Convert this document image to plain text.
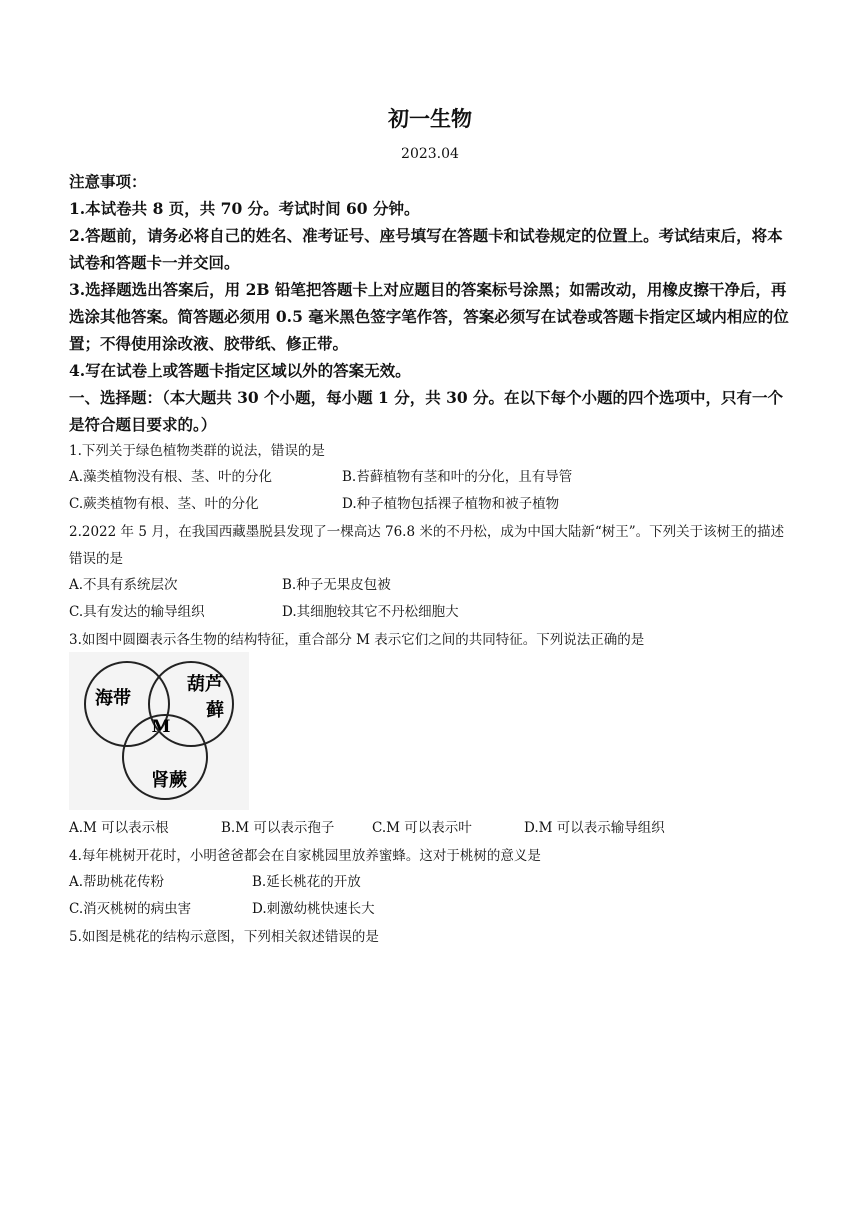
初一生物
2023.04
注意事项：
1.本试卷共 8 页，共 70 分。考试时间 60 分钟。
2.答题前，请务必将自己的姓名、准考证号、座号填写在答题卡和试卷规定的位置上。考试结束后，将本试卷和答题卡一并交回。
3.选择题选出答案后，用 2B 铅笔把答题卡上对应题目的答案标号涂黑；如需改动，用橡皮擦干净后，再选涂其他答案。简答题必须用 0.5 毫米黑色签字笔作答，答案必须写在试卷或答题卡指定区域内相应的位置；不得使用涂改液、胶带纸、修正带。
4.写在试卷上或答题卡指定区域以外的答案无效。
一、选择题：（本大题共 30 个小题，每小题 1 分，共 30 分。在以下每个小题的四个选项中，只有一个是符合题目要求的。）
1.下列关于绿色植物类群的说法，错误的是
A.藻类植物没有根、茎、叶的分化	B.苔藓植物有茎和叶的分化，且有导管
C.蕨类植物有根、茎、叶的分化	D.种子植物包括裸子植物和被子植物
2.2022 年 5 月，在我国西藏墨脱县发现了一棵高达 76.8 米的不丹松，成为中国大陆新“树王”。下列关于该树王的描述错误的是
A.不具有系统层次	B.种子无果皮包被
C.具有发达的输导组织	D.其细胞较其它不丹松细胞大
3.如图中圆圈表示各生物的结构特征，重合部分 M 表示它们之间的共同特征。下列说法正确的是
海带
葫芦
藓
M
肾蕨
A.M 可以表示根	B.M 可以表示孢子	C.M 可以表示叶	D.M 可以表示输导组织
4.每年桃树开花时，小明爸爸都会在自家桃园里放养蜜蜂。这对于桃树的意义是
A.帮助桃花传粉	B.延长桃花的开放
C.消灭桃树的病虫害	D.刺激幼桃快速长大
5.如图是桃花的结构示意图，下列相关叙述错误的是
